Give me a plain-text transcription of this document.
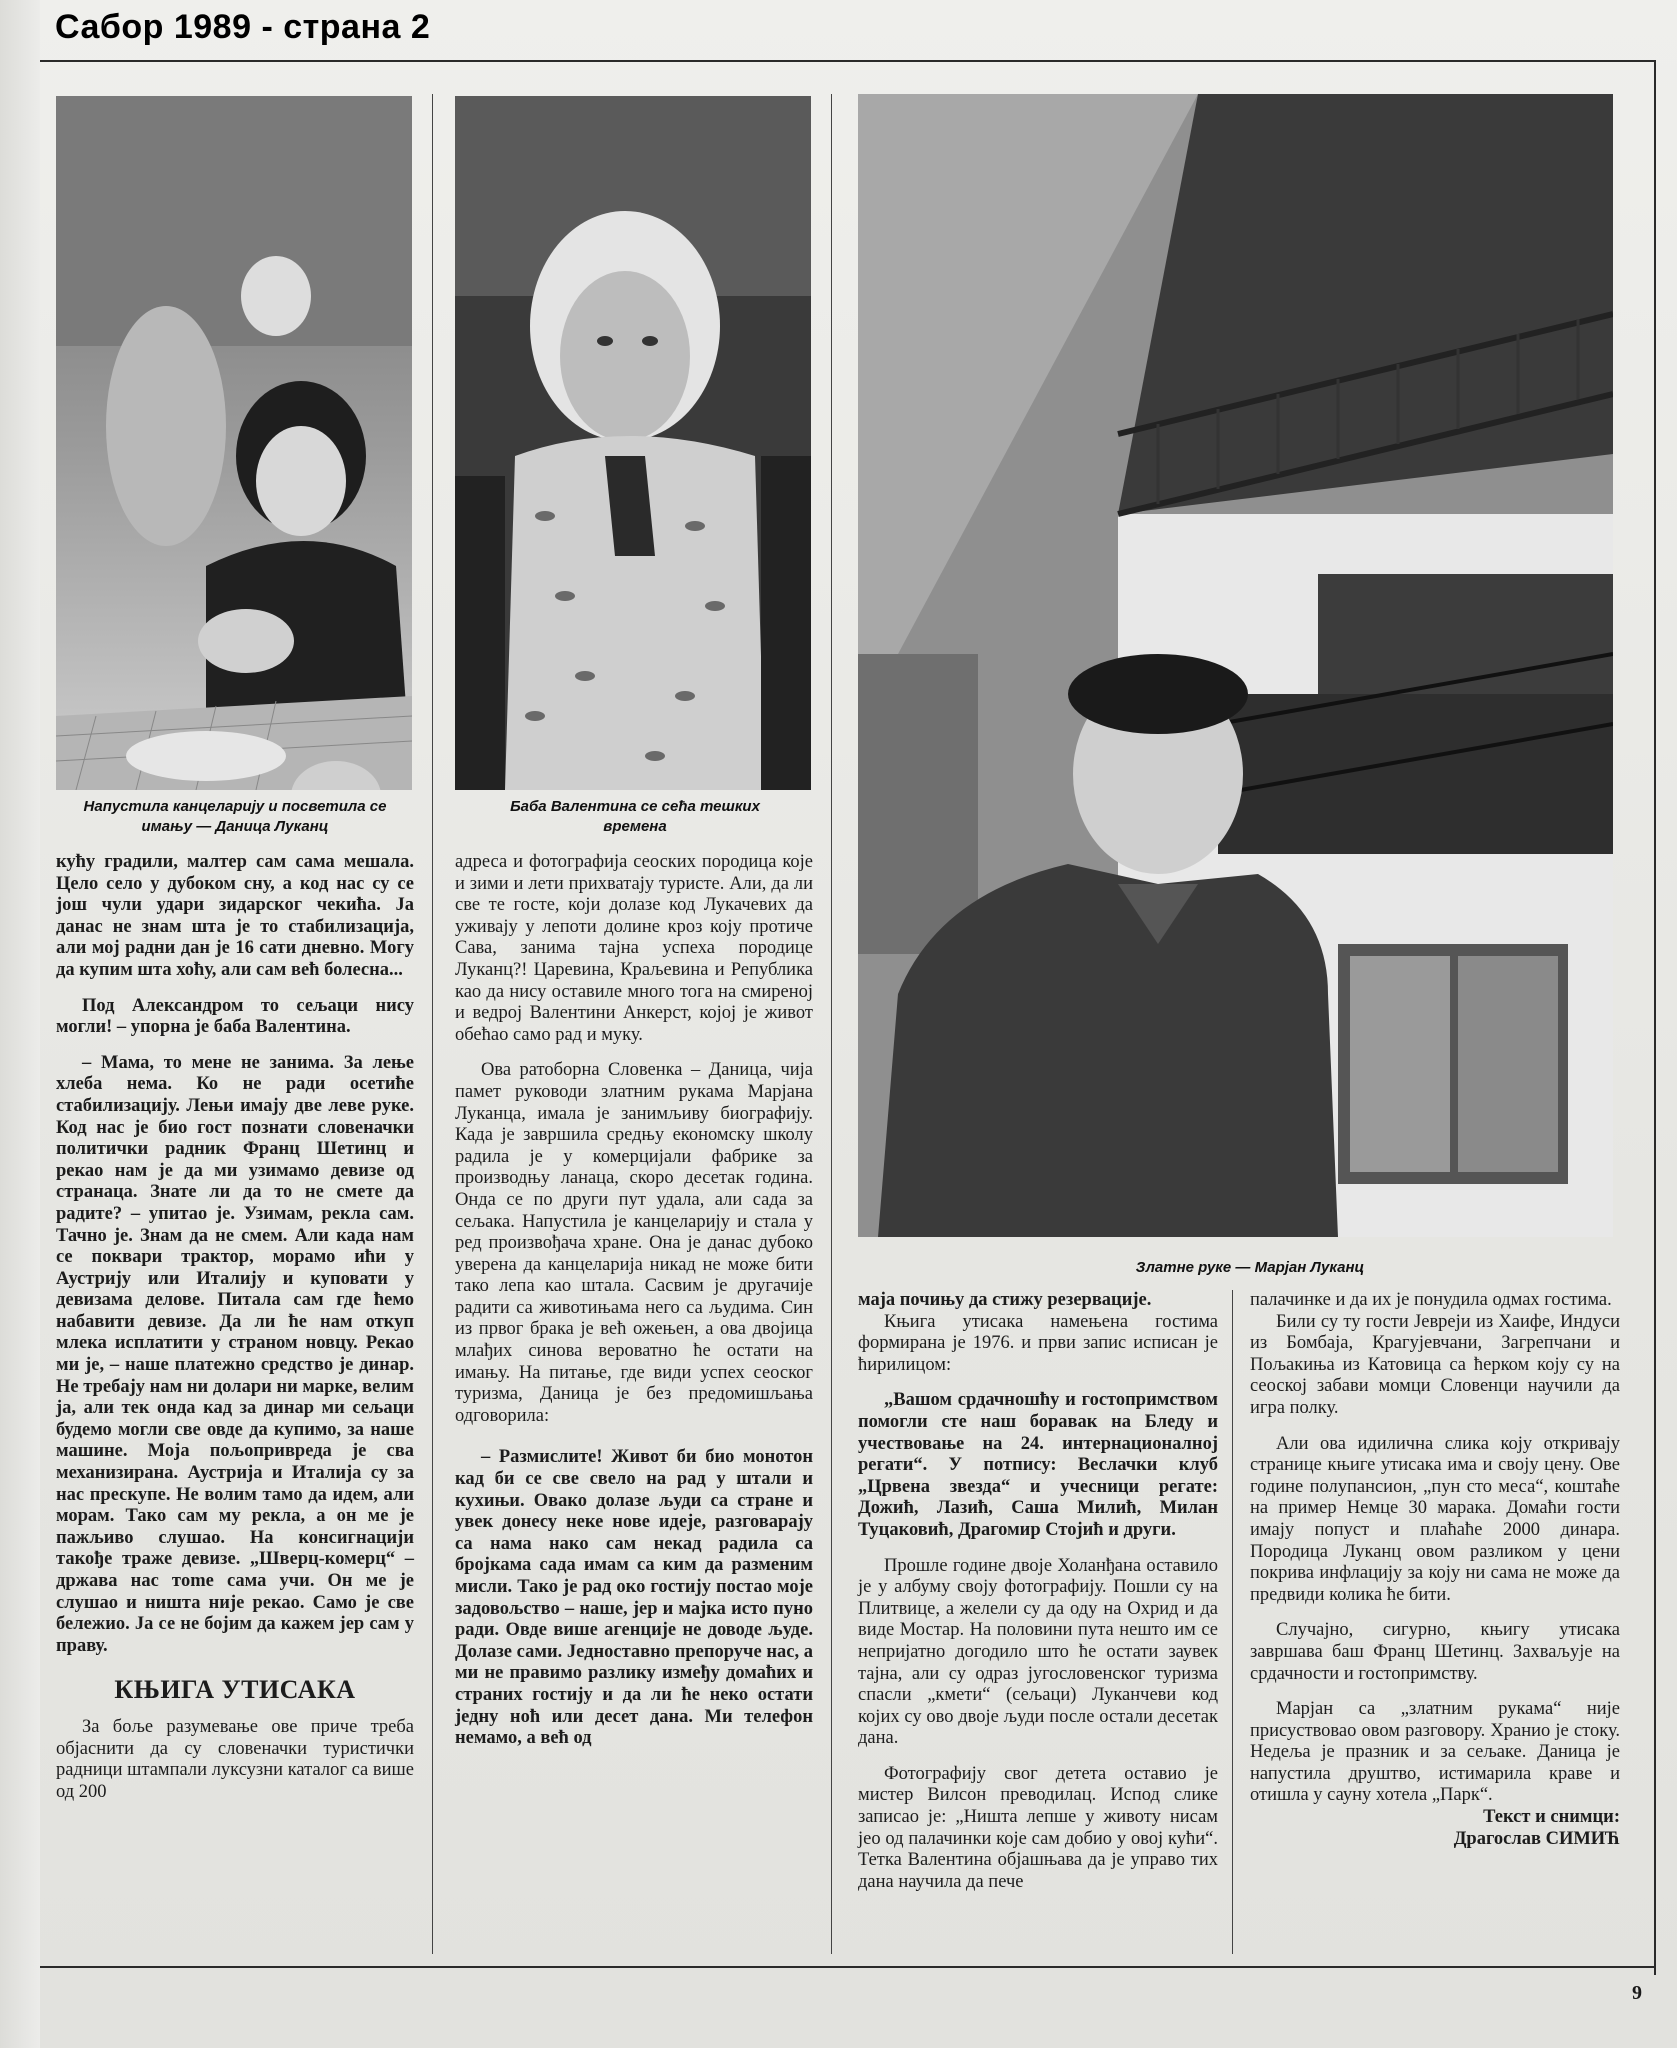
Сабор 1989 - страна 2
Напустила канцеларију и посветила се имању — Даница Луканц
Баба Валентина се сећа тешких времена
Златне руке — Марјан Луканц

кућу градили, малтер сам сама мешала. Цело село у дубоком сну, а код нас су се још чули удари зидарског чекића. Ја данас не знам шта је то стабилизација, али мој радни дан је 16 сати дневно. Могу да купим шта хоћу, али сам већ болесна...

Под Александром то сељаци нису могли! – упорна је баба Валентина.

– Мама, то мене не занима. За лење хлеба нема. Ко не ради осетиће стабилизацију. Лењи имају две леве руке. Код нас је био гост познати словеначки политички радник Франц Шетинц и рекао нам је да ми узимамо девизе од странаца. Знате ли да то не смете да радите? – упитао је. Узимам, рекла сам. Тачно је. Знам да не смем. Али када нам се поквари трактор, морамо ићи у Аустрију или Италију и куповати у девизама делове. Питала сам где ћемо набавити девизе. Да ли ће нам откуп млека исплатити у страном новцу. Рекао ми је, – наше платежно средство је динар. Не требају нам ни долари ни марке, велим ја, али тек онда кад за динар ми сељаци будемо могли све овде да купимо, за наше машине. Моја пољопривреда је сва механизирана. Аустрија и Италија су за нас прескупе. Не волим тамо да идем, али морам. Тако сам му рекла, а он ме је пажљиво слушао. На консигнацији такође траже девизе. „Шверц-комерц“ – држава нас тome сама учи. Он ме је слушао и ништа није рекао. Само је све бележио. Ја се не бојим да кажем јер сам у праву.

КЊИГА УТИСАКА

За боље разумевање ове приче треба објаснити да су словеначки туристички радници штампали луксузни каталог са више од 200

адреса и фотографија сеоских породица које и зими и лети прихватају туристе. Али, да ли све те госте, који долазе код Лукачевих да уживају у лепоти долине кроз коју протиче Сава, занима тајна успеха породице Луканц?! Царевина, Краљевина и Република као да нису оставиле много тога на смиреној и ведрој Валентини Анкерст, којој је живот обећао само рад и муку.

Ова ратоборна Словенка – Даница, чија памет руководи златним рукама Марјана Луканца, имала је занимљиву биографију. Када је завршила средњу економску школу радила је у комерцијали фабрике за производњу ланаца, скоро десетак година. Онда се по други пут удала, али сада за сељака. Напустила је канцеларију и стала у ред произвођача хране. Она је данас дубоко уверена да канцеларија никад не може бити тако лепа као штала. Сасвим је другачије радити са животињама него са људима. Син из првог брака је већ ожењен, а ова двојица млађих синова вероватно ће остати на имању. На питање, где види успех сеоског туризма, Даница је без предомишљања одговорила:

– Размислите! Живот би био монотон кад би се све свело на рад у штали и кухињи. Овако долазе људи са стране и увек донесу неке нове идеје, разговарају са нама нако сам некад радила са бројкама сада имам са ким да разменим мисли. Тако је рад око гостију постао моје задовољство – наше, јер и мајка исто пуно ради. Овде више агенције не доводе људе. Долазе сами. Једноставно препоруче нас, а ми не правимо разлику између домаћих и страних гостију и да ли ће неко остати једну ноћ или десет дана. Ми телефон немамо, а већ од

маја почињу да стижу резервације.

Књига утисака намењена гостима формирана је 1976. и први запис исписан је ћирилицом:

„Вашом срдачношћу и гостопримством помогли сте наш боравак на Бледу и учествовање на 24. интернационалној регати“. У потпису: Веслачки клуб „Црвена звезда“ и учесници регате: Дожић, Лазић, Саша Милић, Милан Туцаковић, Драгомир Стојић и други.

Прошле године двоје Холанђана оставило је у албуму своју фотографију. Пошли су на Плитвице, а желели су да оду на Охрид и да виде Мостар. На половини пута нешто им се непријатно догодило што ће остати заувек тајна, али су одраз југословенског туризма спасли „кмети“ (сељаци) Луканчеви код којих су ово двоје људи после остали десетак дана.

Фотографију свог детета оставио је мистер Вилсон преводилац. Испод слике записао је: „Ништа лепше у животу нисам јео од палачинки које сам добио у овој кући“. Тетка Валентина објашњава да је управо тих дана научила да пече

палачинке и да их је понудила одмах гостима.

Били су ту гости Јевреји из Хаифе, Индуси из Бомбаја, Крагујевчани, Загрепчани и Пољакиња из Катовица са ћерком коју су на сеоској забави момци Словенци научили да игра полку.

Али ова идилична слика коју откривају странице књиге утисака има и своју цену. Ове године полупансион, „пун сто меса“, коштаће на пример Немце 30 марака. Домаћи гости имају попуст и плаћаће 2000 динара. Породица Луканц овом разликом у цени покрива инфлацију за коју ни сама не може да предвиди колика ће бити.

Случајно, сигурно, књигу утисака завршава баш Франц Шетинц. Захваљује на срдачности и гостопримству.

Марјан са „златним рукама“ није присуствовао овом разговору. Хранио је стоку. Недеља је празник и за сељаке. Даница је напустила друштво, истимарила краве и отишла у сауну хотела „Парк“.

Текст и снимци:

Драгослав СИМИЋ

9
